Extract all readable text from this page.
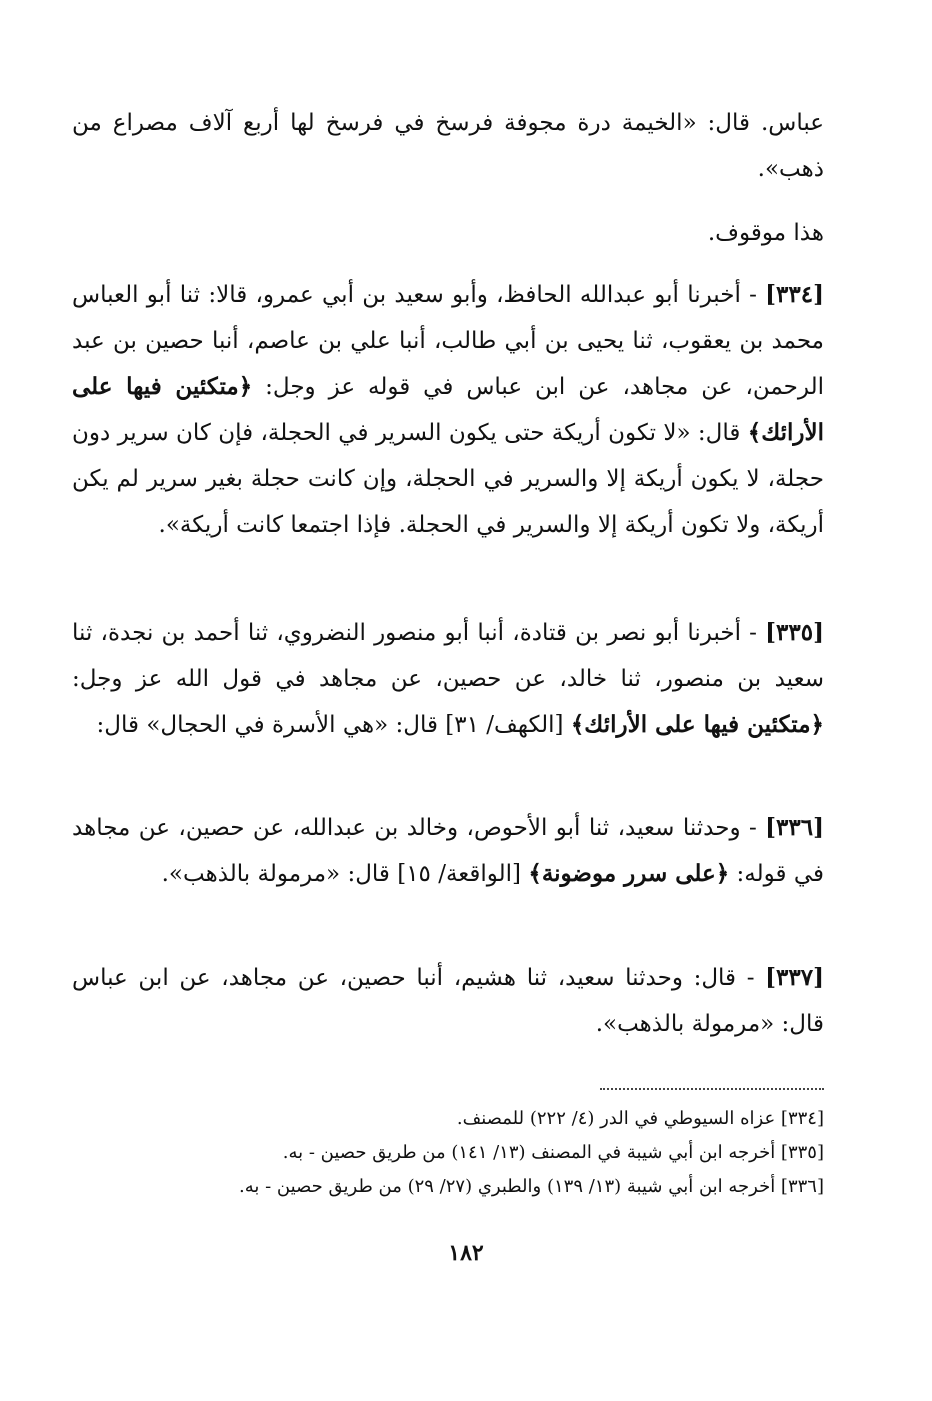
عباس. قال: «الخيمة درة مجوفة فرسخ في فرسخ لها أربع آلاف مصراع من ذهب».
هذا موقوف.
[٣٣٤] - أخبرنا أبو عبدالله الحافظ، وأبو سعيد بن أبي عمرو، قالا: ثنا أبو العباس محمد بن يعقوب، ثنا يحيى بن أبي طالب، أنبا علي بن عاصم، أنبا حصين بن عبد الرحمن، عن مجاهد، عن ابن عباس في قوله عز وجل: ﴿متكئين فيها على الأرائك﴾ قال: «لا تكون أريكة حتى يكون السرير في الحجلة، فإن كان سرير دون حجلة، لا يكون أريكة إلا والسرير في الحجلة، وإن كانت حجلة بغير سرير لم يكن أريكة، ولا تكون أريكة إلا والسرير في الحجلة. فإذا اجتمعا كانت أريكة».
[٣٣٥] - أخبرنا أبو نصر بن قتادة، أنبا أبو منصور النضروي، ثنا أحمد بن نجدة، ثنا سعيد بن منصور، ثنا خالد، عن حصين، عن مجاهد في قول الله عز وجل: ﴿متكئين فيها على الأرائك﴾ [الكهف/ ٣١] قال: «هي الأسرة في الحجال» قال:
[٣٣٦] - وحدثنا سعيد، ثنا أبو الأحوص، وخالد بن عبدالله، عن حصين، عن مجاهد في قوله: ﴿على سرر موضونة﴾ [الواقعة/ ١٥] قال: «مرمولة بالذهب».
[٣٣٧] - قال: وحدثنا سعيد، ثنا هشيم، أنبا حصين، عن مجاهد، عن ابن عباس قال: «مرمولة بالذهب».
[٣٣٤] عزاه السيوطي في الدر (٤/ ٢٢٢) للمصنف.
[٣٣٥] أخرجه ابن أبي شيبة في المصنف (١٣/ ١٤١) من طريق حصين - به.
[٣٣٦] أخرجه ابن أبي شيبة (١٣/ ١٣٩) والطبري (٢٧/ ٢٩) من طريق حصين - به.
١٨٢
